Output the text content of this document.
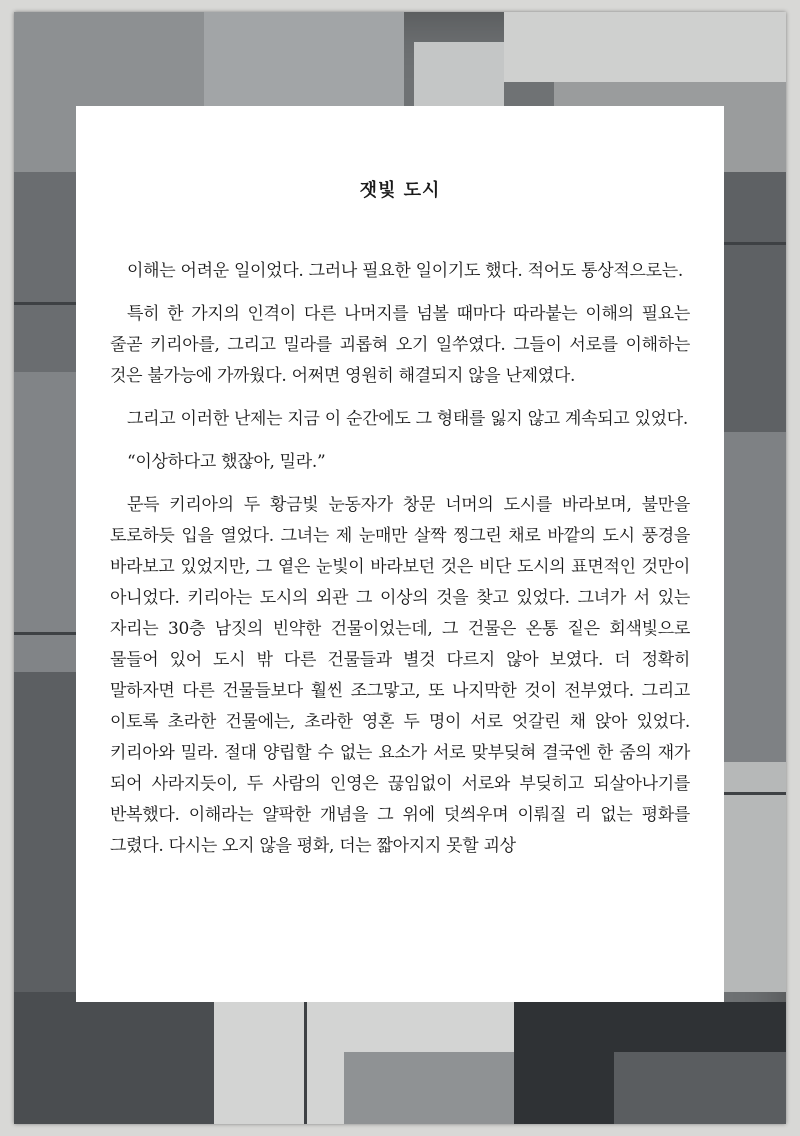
잿빛 도시

이해는 어려운 일이었다. 그러나 필요한 일이기도 했다. 적어도 통상적으로는.

특히 한 가지의 인격이 다른 나머지를 넘볼 때마다 따라붙는 이해의 필요는 줄곧 키리아를, 그리고 밀라를 괴롭혀 오기 일쑤였다. 그들이 서로를 이해하는 것은 불가능에 가까웠다. 어쩌면 영원히 해결되지 않을 난제였다.

그리고 이러한 난제는 지금 이 순간에도 그 형태를 잃지 않고 계속되고 있었다.

“이상하다고 했잖아, 밀라.”

문득 키리아의 두 황금빛 눈동자가 창문 너머의 도시를 바라보며, 불만을 토로하듯 입을 열었다. 그녀는 제 눈매만 살짝 찡그린 채로 바깥의 도시 풍경을 바라보고 있었지만, 그 옅은 눈빛이 바라보던 것은 비단 도시의 표면적인 것만이 아니었다. 키리아는 도시의 외관 그 이상의 것을 찾고 있었다. 그녀가 서 있는 자리는 30층 남짓의 빈약한 건물이었는데, 그 건물은 온통 짙은 회색빛으로 물들어 있어 도시 밖 다른 건물들과 별것 다르지 않아 보였다. 더 정확히 말하자면 다른 건물들보다 훨씬 조그맣고, 또 나지막한 것이 전부였다. 그리고 이토록 초라한 건물에는, 초라한 영혼 두 명이 서로 엇갈린 채 앉아 있었다. 키리아와 밀라. 절대 양립할 수 없는 요소가 서로 맞부딪혀 결국엔 한 줌의 재가 되어 사라지듯이, 두 사람의 인영은 끊임없이 서로와 부딪히고 되살아나기를 반복했다. 이해라는 얄팍한 개념을 그 위에 덧씌우며 이뤄질 리 없는 평화를 그렸다. 다시는 오지 않을 평화, 더는 짧아지지 못할 괴상
